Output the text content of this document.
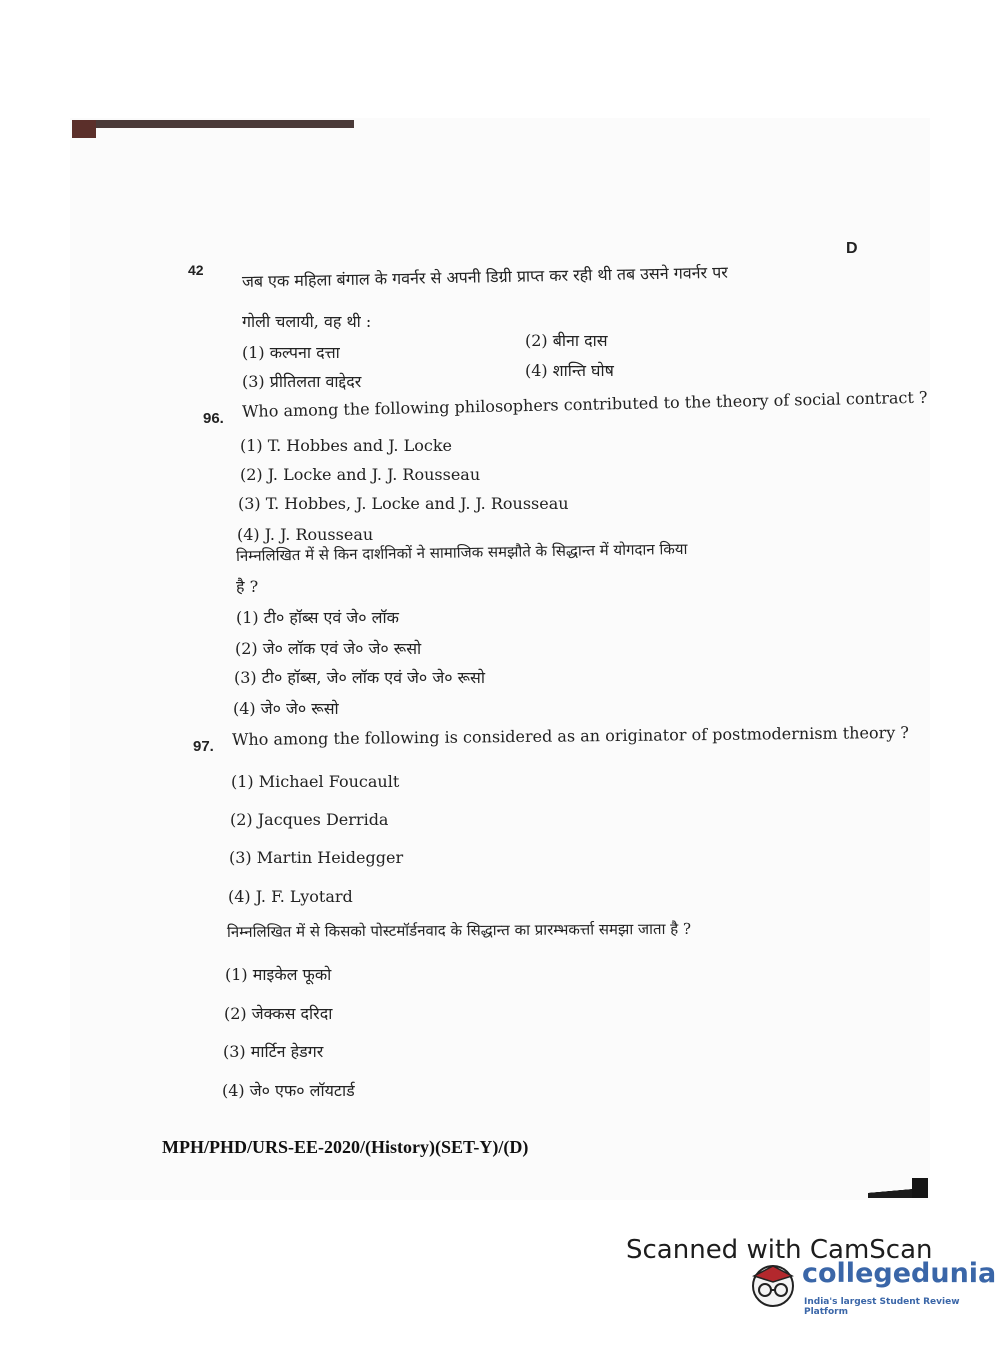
D
42 जब एक महिला बंगाल के गवर्नर से अपनी डिग्री प्राप्त कर रही थी तब उसने गवर्नर पर
गोली चलायी, वह थी :
(1) कल्पना दत्ता
(2) बीना दास
(3) प्रीतिलता वाद्देदर
(4) शान्ति घोष
96. Who among the following philosophers contributed to the theory of social contract ?
(1) T. Hobbes and J. Locke
(2) J. Locke and J. J. Rousseau
(3) T. Hobbes, J. Locke and J. J. Rousseau
(4) J. J. Rousseau
निम्नलिखित में से किन दार्शनिकों ने सामाजिक समझौते के सिद्धान्त में योगदान किया
है ?
(1) टी० हॉब्स एवं जे० लॉक
(2) जे० लॉक एवं जे० जे० रूसो
(3) टी० हॉब्स, जे० लॉक एवं जे० जे० रूसो
(4) जे० जे० रूसो
97. Who among the following is considered as an originator of postmodernism theory ?
(1) Michael Foucault
(2) Jacques Derrida
(3) Martin Heidegger
(4) J. F. Lyotard
निम्नलिखित में से किसको पोस्टमॉर्डनवाद के सिद्धान्त का प्रारम्भकर्त्ता समझा जाता है ?
(1) माइकेल फूको
(2) जेक्कस दरिदा
(3) मार्टिन हेडगर
(4) जे० एफ० लॉयटार्ड
MPH/PHD/URS-EE-2020/(History)(SET-Y)/(D)
Scanned with CamScan
collegedunia
India's largest Student Review Platform
